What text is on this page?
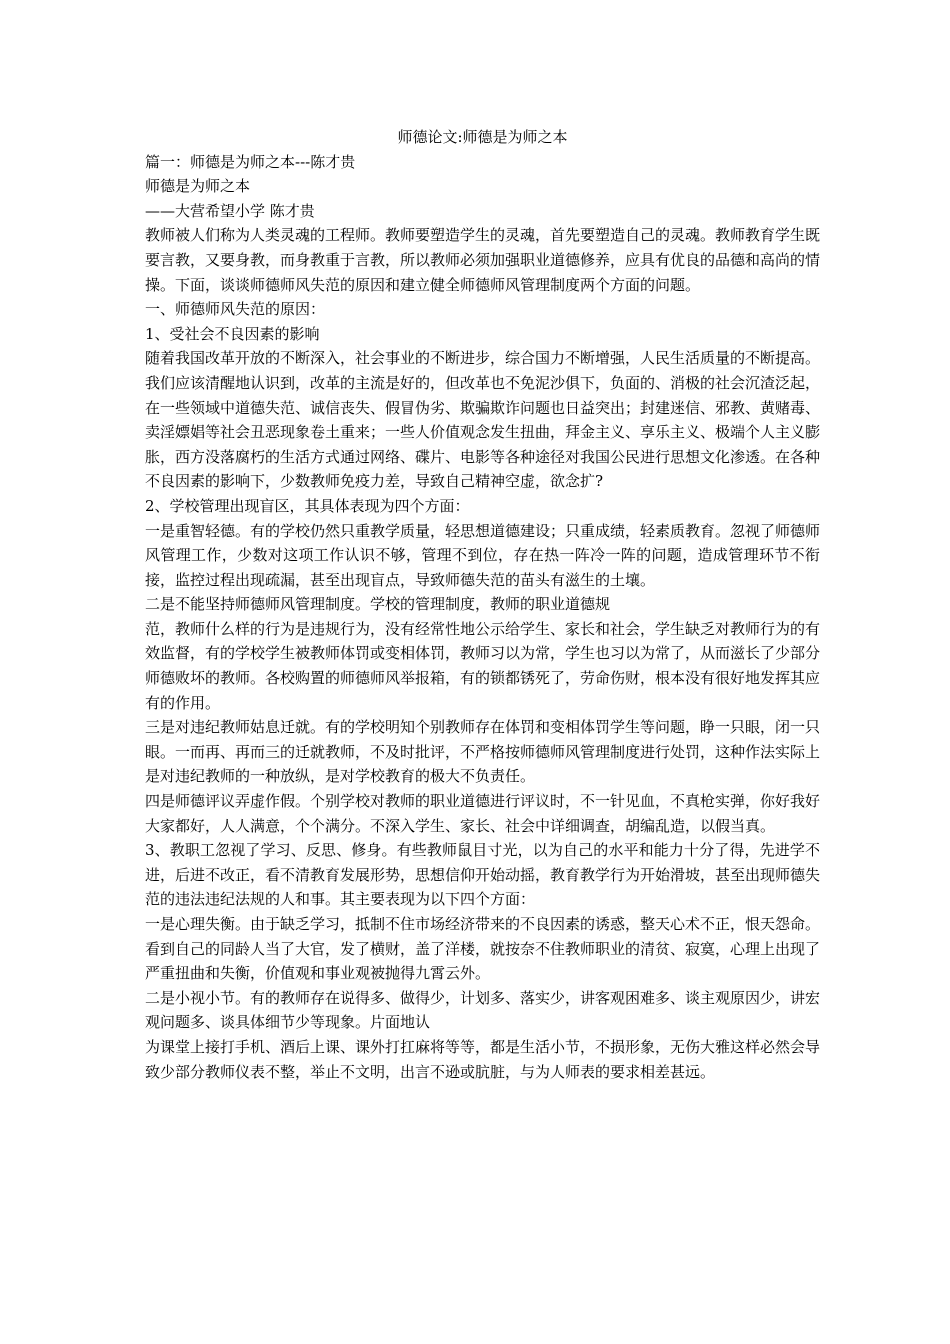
师德论文:师德是为师之本
篇一：师德是为师之本---陈才贵
师德是为师之本
——大营希望小学 陈才贵
教师被人们称为人类灵魂的工程师。教师要塑造学生的灵魂，首先要塑造自己的灵魂。教师教育学生既要言教，又要身教，而身教重于言教，所以教师必须加强职业道德修养，应具有优良的品德和高尚的情操。下面，谈谈师德师风失范的原因和建立健全师德师风管理制度两个方面的问题。
一、师德师风失范的原因：
1、受社会不良因素的影响
随着我国改革开放的不断深入，社会事业的不断进步，综合国力不断增强，人民生活质量的不断提高。我们应该清醒地认识到，改革的主流是好的，但改革也不免泥沙俱下，负面的、消极的社会沉渣泛起，在一些领域中道德失范、诚信丧失、假冒伪劣、欺骗欺诈问题也日益突出；封建迷信、邪教、黄赌毒、卖淫嫖娼等社会丑恶现象卷土重来；一些人价值观念发生扭曲，拜金主义、享乐主义、极端个人主义膨胀，西方没落腐朽的生活方式通过网络、碟片、电影等各种途径对我国公民进行思想文化渗透。在各种不良因素的影响下，少数教师免疫力差，导致自己精神空虚，欲念扩?
2、学校管理出现盲区，其具体表现为四个方面：
一是重智轻德。有的学校仍然只重教学质量，轻思想道德建设；只重成绩，轻素质教育。忽视了师德师风管理工作，少数对这项工作认识不够，管理不到位，存在热一阵冷一阵的问题，造成管理环节不衔接，监控过程出现疏漏，甚至出现盲点，导致师德失范的苗头有滋生的土壤。
二是不能坚持师德师风管理制度。学校的管理制度，教师的职业道德规
范，教师什么样的行为是违规行为，没有经常性地公示给学生、家长和社会，学生缺乏对教师行为的有效监督，有的学校学生被教师体罚或变相体罚，教师习以为常，学生也习以为常了，从而滋长了少部分师德败坏的教师。各校购置的师德师风举报箱，有的锁都锈死了，劳命伤财，根本没有很好地发挥其应有的作用。
三是对违纪教师姑息迁就。有的学校明知个别教师存在体罚和变相体罚学生等问题，睁一只眼，闭一只眼。一而再、再而三的迁就教师，不及时批评，不严格按师德师风管理制度进行处罚，这种作法实际上是对违纪教师的一种放纵，是对学校教育的极大不负责任。
四是师德评议弄虚作假。个别学校对教师的职业道德进行评议时，不一针见血，不真枪实弹，你好我好大家都好，人人满意，个个满分。不深入学生、家长、社会中详细调查，胡编乱造，以假当真。
3、教职工忽视了学习、反思、修身。有些教师鼠目寸光，以为自己的水平和能力十分了得，先进学不进，后进不改正，看不清教育发展形势，思想信仰开始动摇，教育教学行为开始滑坡，甚至出现师德失范的违法违纪法规的人和事。其主要表现为以下四个方面：
一是心理失衡。由于缺乏学习，抵制不住市场经济带来的不良因素的诱惑，整天心术不正，恨天怨命。看到自己的同龄人当了大官，发了横财，盖了洋楼，就按奈不住教师职业的清贫、寂寞，心理上出现了严重扭曲和失衡，价值观和事业观被抛得九霄云外。
二是小视小节。有的教师存在说得多、做得少，计划多、落实少，讲客观困难多、谈主观原因少，讲宏观问题多、谈具体细节少等现象。片面地认
为课堂上接打手机、酒后上课、课外打扛麻将等等，都是生活小节，不损形象，无伤大雅这样必然会导致少部分教师仪表不整，举止不文明，出言不逊或肮脏，与为人师表的要求相差甚远。
